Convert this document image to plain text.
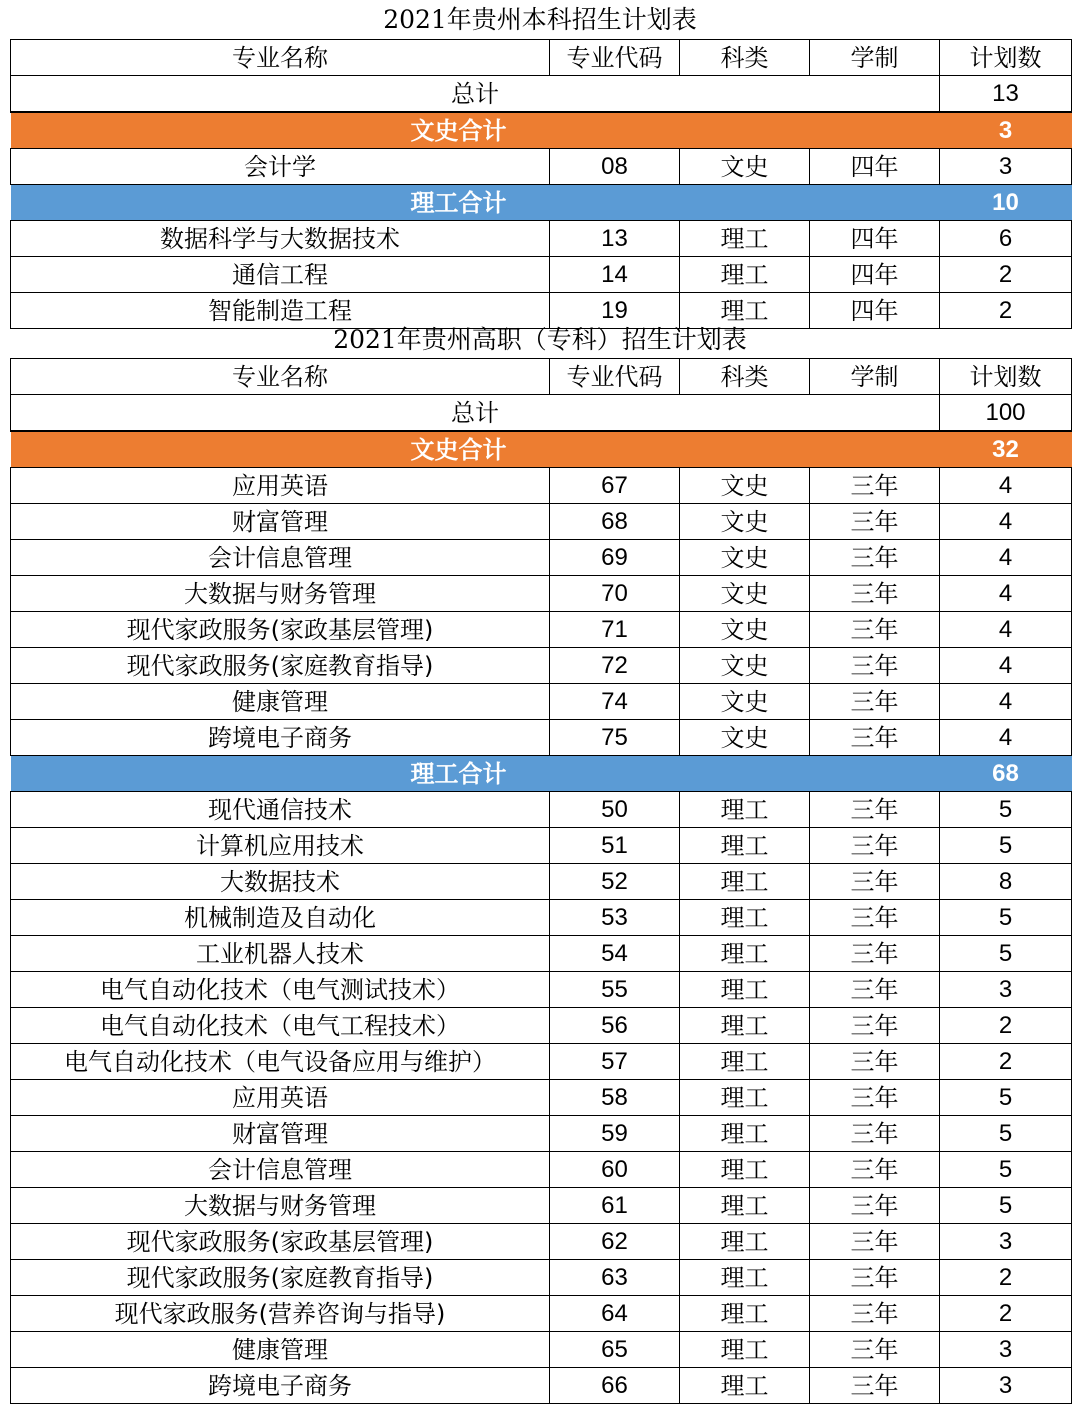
2021年贵州本科招生计划表
专业名称	专业代码	科类	学制	计划数
总计				13
文史合计				3
会计学	08	文史	四年	3
理工合计				10
数据科学与大数据技术	13	理工	四年	6
通信工程	14	理工	四年	2
智能制造工程	19	理工	四年	2
2021年贵州高职（专科）招生计划表
专业名称	专业代码	科类	学制	计划数
总计				100
文史合计				32
应用英语	67	文史	三年	4
财富管理	68	文史	三年	4
会计信息管理	69	文史	三年	4
大数据与财务管理	70	文史	三年	4
现代家政服务(家政基层管理)	71	文史	三年	4
现代家政服务(家庭教育指导)	72	文史	三年	4
健康管理	74	文史	三年	4
跨境电子商务	75	文史	三年	4
理工合计				68
现代通信技术	50	理工	三年	5
计算机应用技术	51	理工	三年	5
大数据技术	52	理工	三年	8
机械制造及自动化	53	理工	三年	5
工业机器人技术	54	理工	三年	5
电气自动化技术（电气测试技术）	55	理工	三年	3
电气自动化技术（电气工程技术）	56	理工	三年	2
电气自动化技术（电气设备应用与维护）	57	理工	三年	2
应用英语	58	理工	三年	5
财富管理	59	理工	三年	5
会计信息管理	60	理工	三年	5
大数据与财务管理	61	理工	三年	5
现代家政服务(家政基层管理)	62	理工	三年	3
现代家政服务(家庭教育指导)	63	理工	三年	2
现代家政服务(营养咨询与指导)	64	理工	三年	2
健康管理	65	理工	三年	3
跨境电子商务	66	理工	三年	3
